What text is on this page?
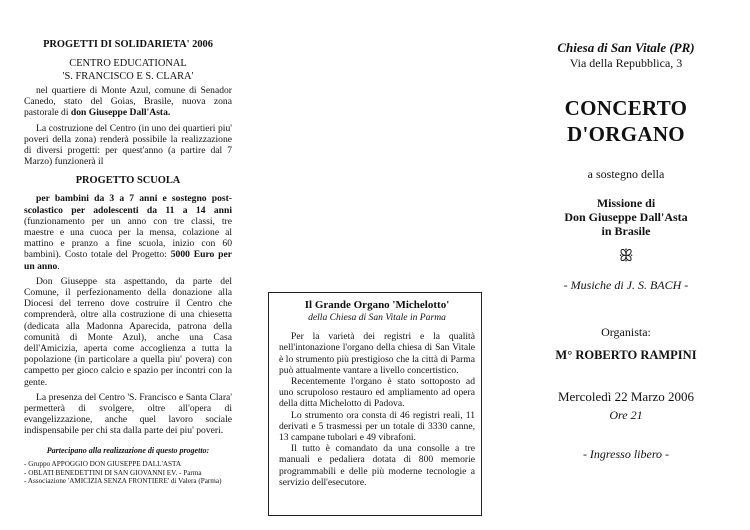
PROGETTI DI SOLIDARIETA' 2006

CENTRO EDUCATIONAL

'S. FRANCISCO E S. CLARA'

nel quartiere di Monte Azul, comune di Senador Canedo, stato del Goias, Brasile, nuova zona pastorale di don Giuseppe Dall'Asta.

La costruzione del Centro (in uno dei quartieri piu' poveri della zona) renderà possibile la realizzazione di diversi progetti: per quest'anno (a partire dal 7 Marzo) funzionerà il

PROGETTO SCUOLA

per bambini da 3 a 7 anni e sostegno post-scolastico per adolescenti da 11 a 14 anni (funzionamento per un anno con tre classi, tre maestre e una cuoca per la mensa, colazione al mattino e pranzo a fine scuola, inizio con 60 bambini). Costo totale del Progetto: 5000 Euro per un anno.

Don Giuseppe sta aspettando, da parte del Comune, il perfezionamento della donazione alla Diocesi del terreno dove costruire il Centro che comprenderà, oltre alla costruzione di una chiesetta (dedicata alla Madonna Aparecida, patrona della comunità di Monte Azul), anche una Casa dell'Amicizia, aperta come accoglienza a tutta la popolazione (in particolare a quella piu' povera) con campetto per gioco calcio e spazio per incontri con la gente.

La presenza del Centro 'S. Francisco e Santa Clara' permetterà di svolgere, oltre all'opera di evangelizzazione, anche quel lavoro sociale indispensabile per chi sta dalla parte dei piu' poveri.

Partecipano alla realizzazione di questo progetto:

- Gruppo APPOGGIO DON GIUSEPPE DALL'ASTA
- OBLATI BENEDETTINI DI SAN GIOVANNI EV. - Parma
- Associazione 'AMICIZIA SENZA FRONTIERE' di Valera (Parma)

Il Grande Organo 'Michelotto'

della Chiesa di San Vitale in Parma

Per la varietà dei registri e la qualità nell'intonazione l'organo della chiesa di San Vitale è lo strumento più prestigioso che la città di Parma può attualmente vantare a livello concertistico.

Recentemente l'organo è stato sottoposto ad uno scrupoloso restauro ed ampliamento ad opera della ditta Michelotto di Padova.

Lo strumento ora consta di 46 registri reali, 11 derivati e 5 trasmessi per un totale di 3330 canne, 13 campane tubolari e 49 vibrafoni.

Il tutto è comandato da una consolle a tre manuali e pedaliera dotata di 800 memorie programmabili e delle più moderne tecnologie a servizio dell'esecutore.

Chiesa di San Vitale (PR)

Via della Repubblica, 3

CONCERTO

D'ORGANO

a sostegno della

Missione di

Don Giuseppe Dall'Asta

in Brasile

ꕥ

- Musiche di J. S. BACH -

Organista:

M° ROBERTO RAMPINI

Mercoledì 22 Marzo 2006

Ore 21

- Ingresso libero -
